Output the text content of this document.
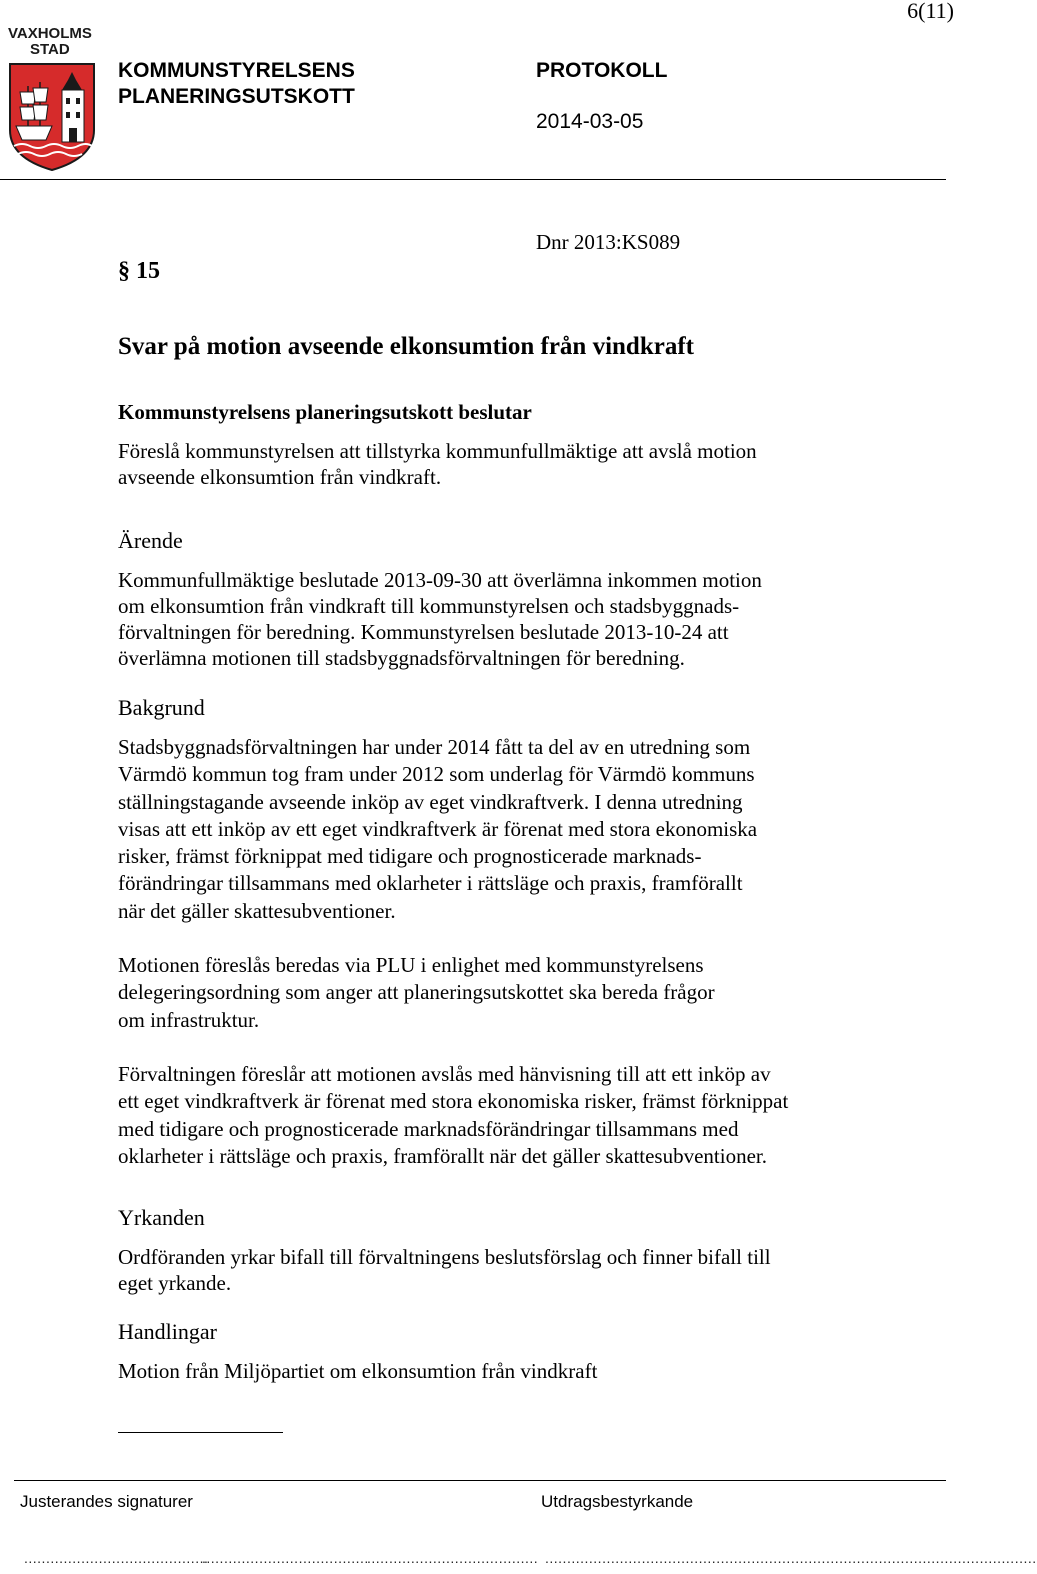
6(11)
VAXHOLMS
STAD
KOMMUNSTYRELSENS
PLANERINGSUTSKOTT
PROTOKOLL
2014-03-05
Dnr 2013:KS089
§ 15
Svar på motion avseende elkonsumtion från vindkraft
Kommunstyrelsens planeringsutskott beslutar
Föreslå kommunstyrelsen att tillstyrka kommunfullmäktige att avslå motion
avseende elkonsumtion från vindkraft.
Ärende
Kommunfullmäktige beslutade 2013-09-30 att överlämna inkommen motion
om elkonsumtion från vindkraft till kommunstyrelsen och stadsbyggnads-
förvaltningen för beredning. Kommunstyrelsen beslutade 2013-10-24 att
överlämna motionen till stadsbyggnadsförvaltningen för beredning.
Bakgrund
Stadsbyggnadsförvaltningen har under 2014 fått ta del av en utredning som
Värmdö kommun tog fram under 2012 som underlag för Värmdö kommuns
ställningstagande avseende inköp av eget vindkraftverk. I denna utredning
visas att ett inköp av ett eget vindkraftverk är förenat med stora ekonomiska
risker, främst förknippat med tidigare och prognosticerade marknads-
förändringar tillsammans med oklarheter i rättsläge och praxis, framförallt
när det gäller skattesubventioner.
Motionen föreslås beredas via PLU i enlighet med kommunstyrelsens
delegeringsordning som anger att planeringsutskottet ska bereda frågor
om infrastruktur.
Förvaltningen föreslår att motionen avslås med hänvisning till att ett inköp av
ett eget vindkraftverk är förenat med stora ekonomiska risker, främst förknippat
med tidigare och prognosticerade marknadsförändringar tillsammans med
oklarheter i rättsläge och praxis, framförallt när det gäller skattesubventioner.
Yrkanden
Ordföranden yrkar bifall till förvaltningens beslutsförslag och finner bifall till
eget yrkande.
Handlingar
Motion från Miljöpartiet om elkonsumtion från vindkraft
Justerandes signaturer	Utdragsbestyrkande
..........................................
......................................
....................................... ................................................................................................................
